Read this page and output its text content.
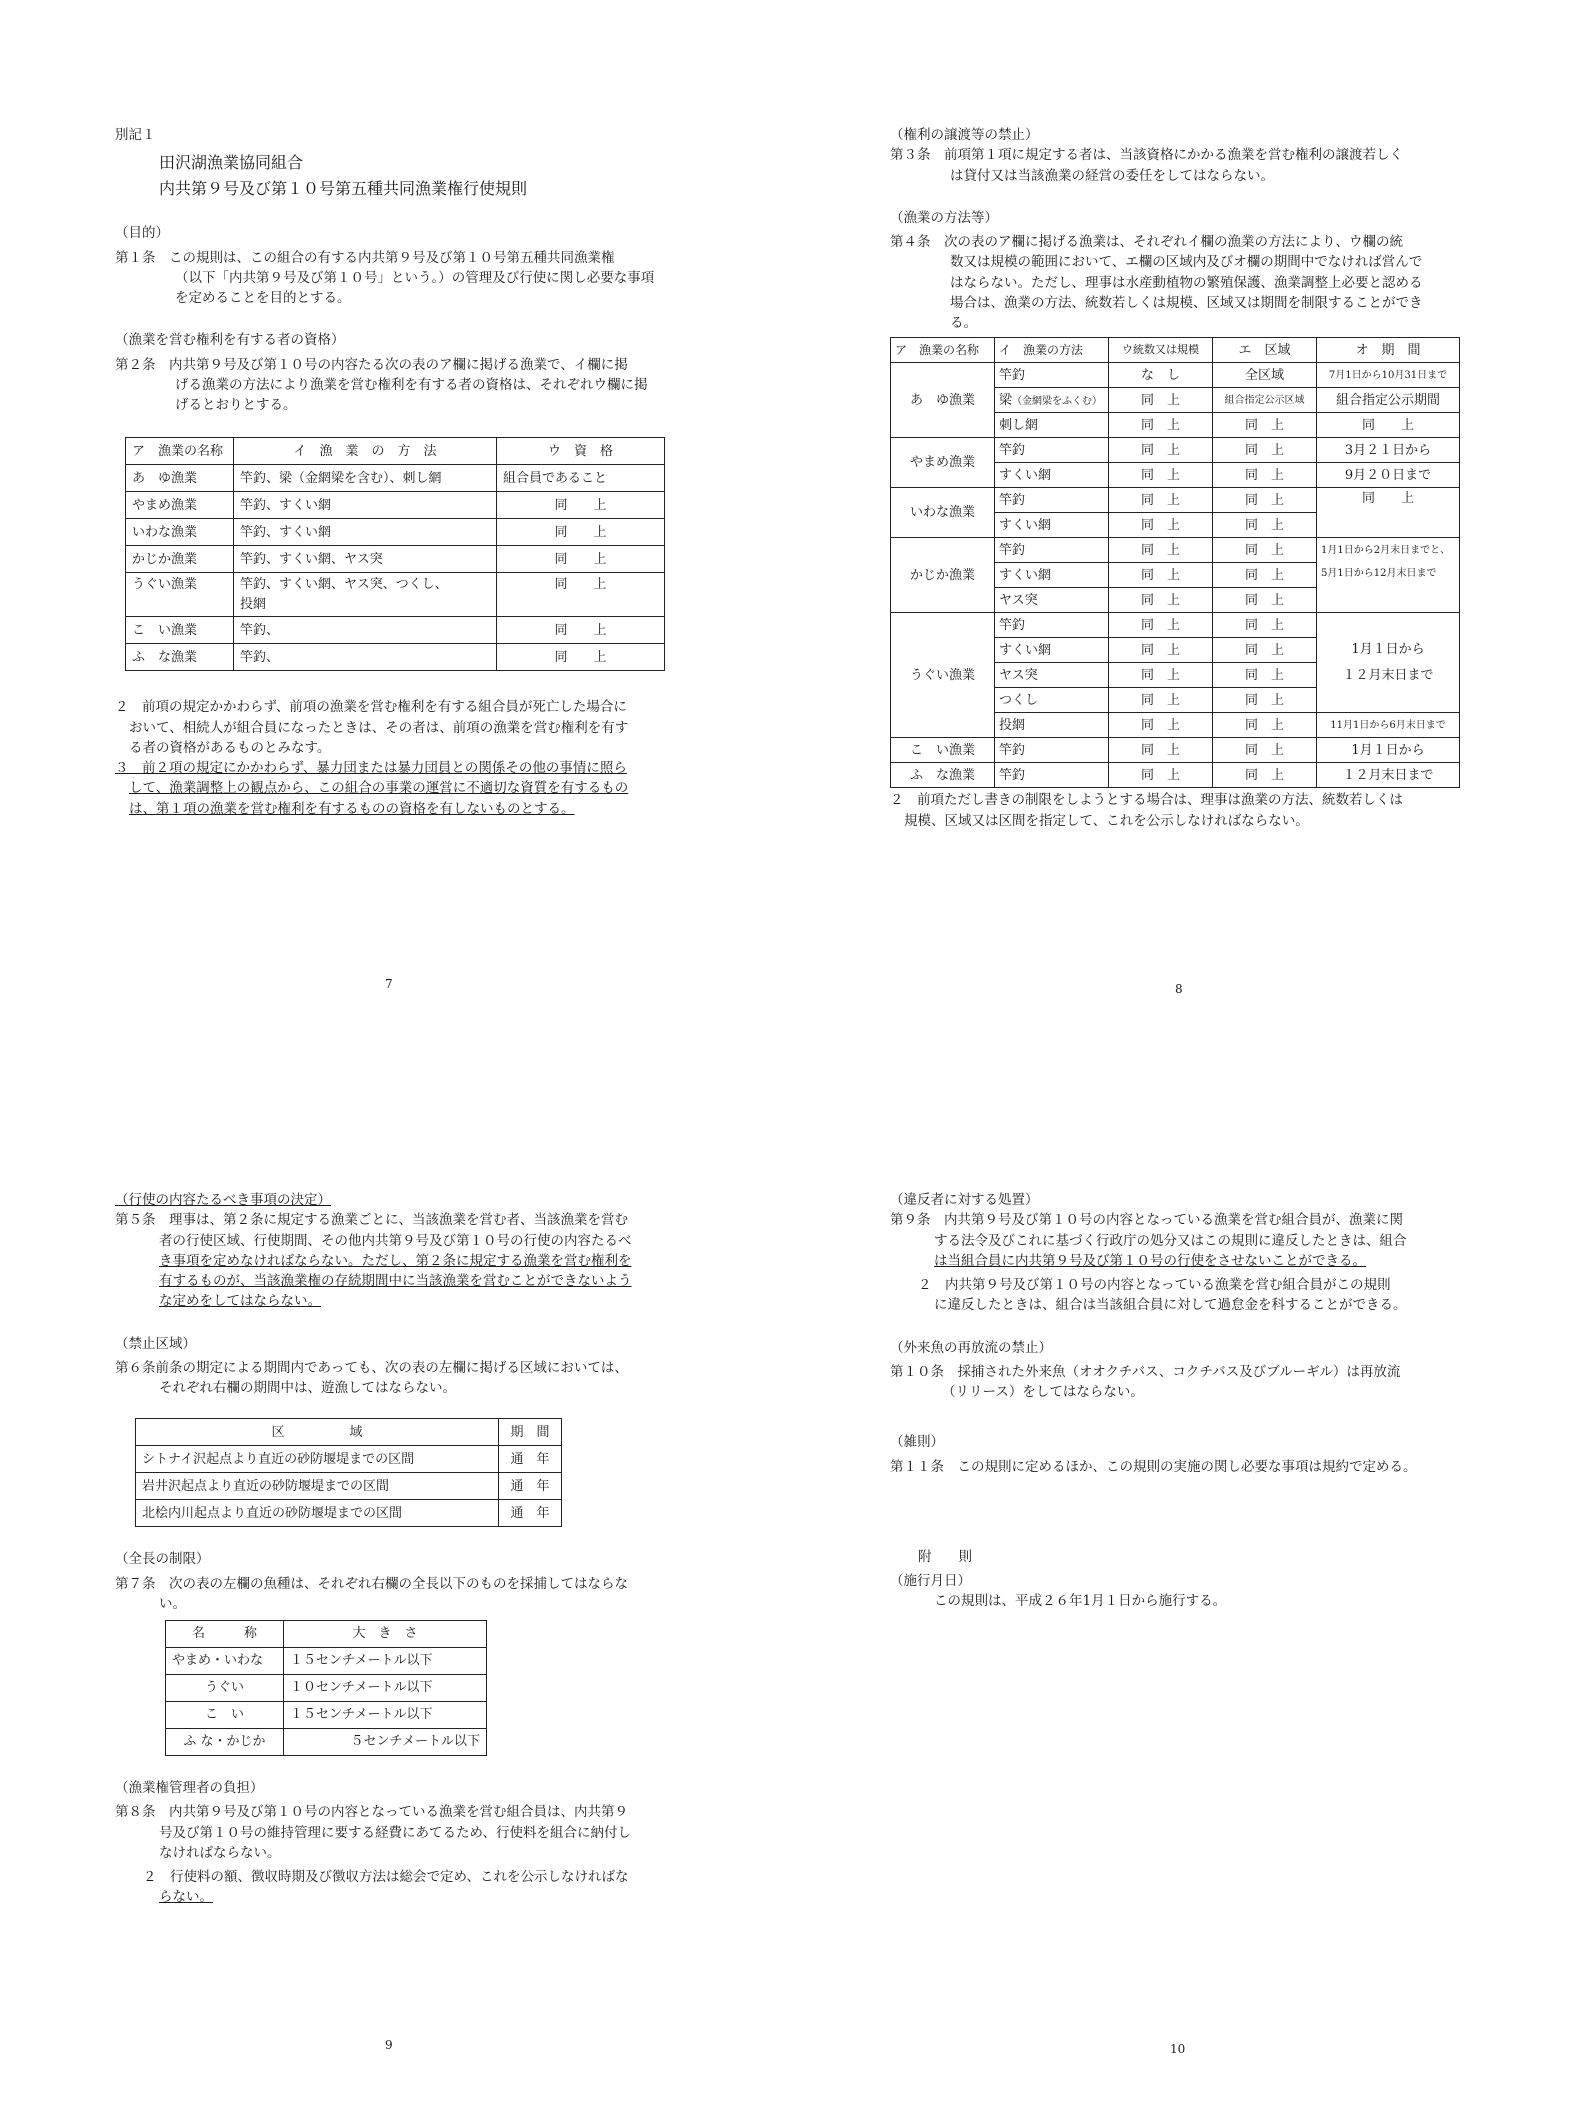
別記１
田沢湖漁業協同組合
内共第９号及び第１０号第五種共同漁業権行使規則
（目的）
第１条　この規則は、この組合の有する内共第９号及び第１０号第五種共同漁業権
（以下「内共第９号及び第１０号」という。）の管理及び行使に関し必要な事項
を定めることを目的とする。
（漁業を営む権利を有する者の資格）
第２条　内共第９号及び第１０号の内容たる次の表のア欄に掲げる漁業で、イ欄に掲
げる漁業の方法により漁業を営む権利を有する者の資格は、それぞれウ欄に掲
げるとおりとする。
ア　漁業の名称	イ　漁　業　の　方　法	ウ　資　格
あ　ゆ漁業	竿釣、梁（金網梁を含む）、刺し網	組合員であること
やまめ漁業	竿釣、すくい網	同　　上
いわな漁業	竿釣、すくい網	同　　上
かじか漁業	竿釣、すくい網、ヤス突	同　　上
うぐい漁業	竿釣、すくい網、ヤス突、つくし、
投網	同　　上
こ　い漁業	竿釣、	同　　上
ふ　な漁業	竿釣、	同　　上
２　前項の規定かかわらず、前項の漁業を営む権利を有する組合員が死亡した場合に
おいて、相続人が組合員になったときは、その者は、前項の漁業を営む権利を有す
る者の資格があるものとみなす。
３　前２項の規定にかかわらず、暴力団または暴力団員との関係その他の事情に照ら
して、漁業調整上の観点から、この組合の事業の運営に不適切な資質を有するもの
は、第１項の漁業を営む権利を有するものの資格を有しないものとする。
7
（権利の譲渡等の禁止）
第３条　前項第１項に規定する者は、当該資格にかかる漁業を営む権利の譲渡若しく
は貸付又は当該漁業の経営の委任をしてはならない。
（漁業の方法等）
第４条　次の表のア欄に掲げる漁業は、それぞれイ欄の漁業の方法により、ウ欄の統
数又は規模の範囲において、エ欄の区域内及びオ欄の期間中でなければ営んで
はならない。ただし、理事は水産動植物の繁殖保護、漁業調整上必要と認める
場合は、漁業の方法、統数若しくは規模、区域又は期間を制限することができ
る。
ア　漁業の名称	イ　漁業の方法	ウ統数又は規模	エ　区域	オ　期　間
あ　ゆ漁業	竿釣	な　し	全区域	7月1日から10月31日まで
	梁（金網梁をふくむ）	同　上	組合指定公示区域	組合指定公示期間
	刺し網	同　上	同　上	同　　上
やまめ漁業	竿釣	同　上	同　上	3月２１日から
	すくい網	同　上	同　上	9月２０日まで
いわな漁業	竿釣	同　上	同　上	同　　上
	すくい網	同　上	同　上	
かじか漁業	竿釣	同　上	同　上	1月1日から2月末日までと、
5月1日から12月末日まで
	すくい網	同　上	同　上	
	ヤス突	同　上	同　上	
うぐい漁業	竿釣	同　上	同　上	1月１日から
１２月末日まで
	すくい網	同　上	同　上	
	ヤス突	同　上	同　上	
	つくし	同　上	同　上	
	投網	同　上	同　上	11月1日から6月末日まで
こ　い漁業	竿釣	同　上	同　上	1月１日から
ふ　な漁業	竿釣	同　上	同　上	１２月末日まで
２　前項ただし書きの制限をしようとする場合は、理事は漁業の方法、統数若しくは
規模、区域又は区間を指定して、これを公示しなければならない。
8
（行使の内容たるべき事項の決定）
第５条　理事は、第２条に規定する漁業ごとに、当該漁業を営む者、当該漁業を営む
者の行使区域、行使期間、その他内共第９号及び第１０号の行使の内容たるべ
き事項を定めなければならない。ただし、第２条に規定する漁業を営む権利を
有するものが、当該漁業権の存続期間中に当該漁業を営むことができないよう
な定めをしてはならない。
（禁止区域）
第６条前条の期定による期間内であっても、次の表の左欄に掲げる区域においては、
それぞれ右欄の期間中は、遊漁してはならない。
区　　　　　域	期　間
シトナイ沢起点より直近の砂防堰堤までの区間	通　年
岩井沢起点より直近の砂防堰堤までの区間	通　年
北桧内川起点より直近の砂防堰堤までの区間	通　年
（全長の制限）
第７条　次の表の左欄の魚種は、それぞれ右欄の全長以下のものを採捕してはならな
い。
名　　　称	大　き　さ
やまめ・いわな	１５センチメートル以下
うぐい	１０センチメートル以下
こ　い	１５センチメートル以下
ふ な・かじか	５センチメートル以下
（漁業権管理者の負担）
第８条　内共第９号及び第１０号の内容となっている漁業を営む組合員は、内共第９
号及び第１０号の維持管理に要する経費にあてるため、行使料を組合に納付し
なければならない。
２　行使料の額、徴収時期及び徴収方法は総会で定め、これを公示しなければな
らない。
9
（違反者に対する処置）
第９条　内共第９号及び第１０号の内容となっている漁業を営む組合員が、漁業に関
する法令及びこれに基づく行政庁の処分又はこの規則に違反したときは、組合
は当組合員に内共第９号及び第１０号の行使をさせないことができる。
２　内共第９号及び第１０号の内容となっている漁業を営む組合員がこの規則
に違反したときは、組合は当該組合員に対して過怠金を科することができる。
（外来魚の再放流の禁止）
第１０条　採捕された外来魚（オオクチバス、コクチバス及びブルーギル）は再放流
（リリース）をしてはならない。
（雑則）
第１１条　この規則に定めるほか、この規則の実施の関し必要な事項は規約で定める。
附　　則
（施行月日）
この規則は、平成２６年1月１日から施行する。
10
